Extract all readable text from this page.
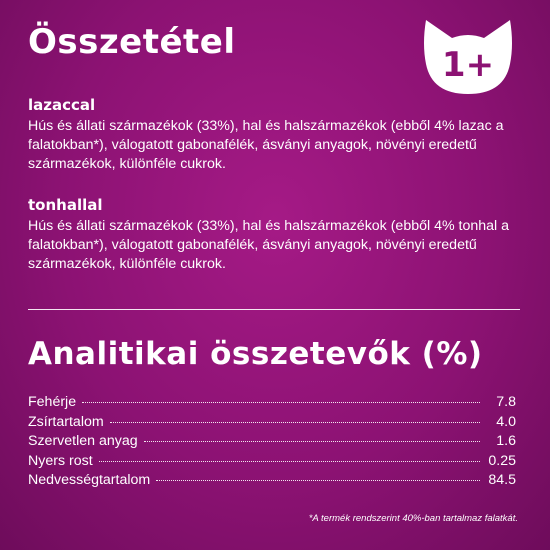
Összetétel
1+

lazaccal

Hús és állati származékok (33%), hal és halszármazékok (ebből 4% lazac a falatokban*), válogatott gabonafélék, ásványi anyagok, növényi eredetű származékok, különféle cukrok.

tonhallal

Hús és állati származékok (33%), hal és halszármazékok (ebből 4% tonhal a falatokban*), válogatott gabonafélék, ásványi anyagok, növényi eredetű származékok, különféle cukrok.

Analitikai összetevők (%)
Fehérje	7.8
Zsírtartalom	4.0
Szervetlen anyag	1.6
Nyers rost	0.25
Nedvességtartalom	84.5

*A termék rendszerint 40%-ban tartalmaz falatkát.
